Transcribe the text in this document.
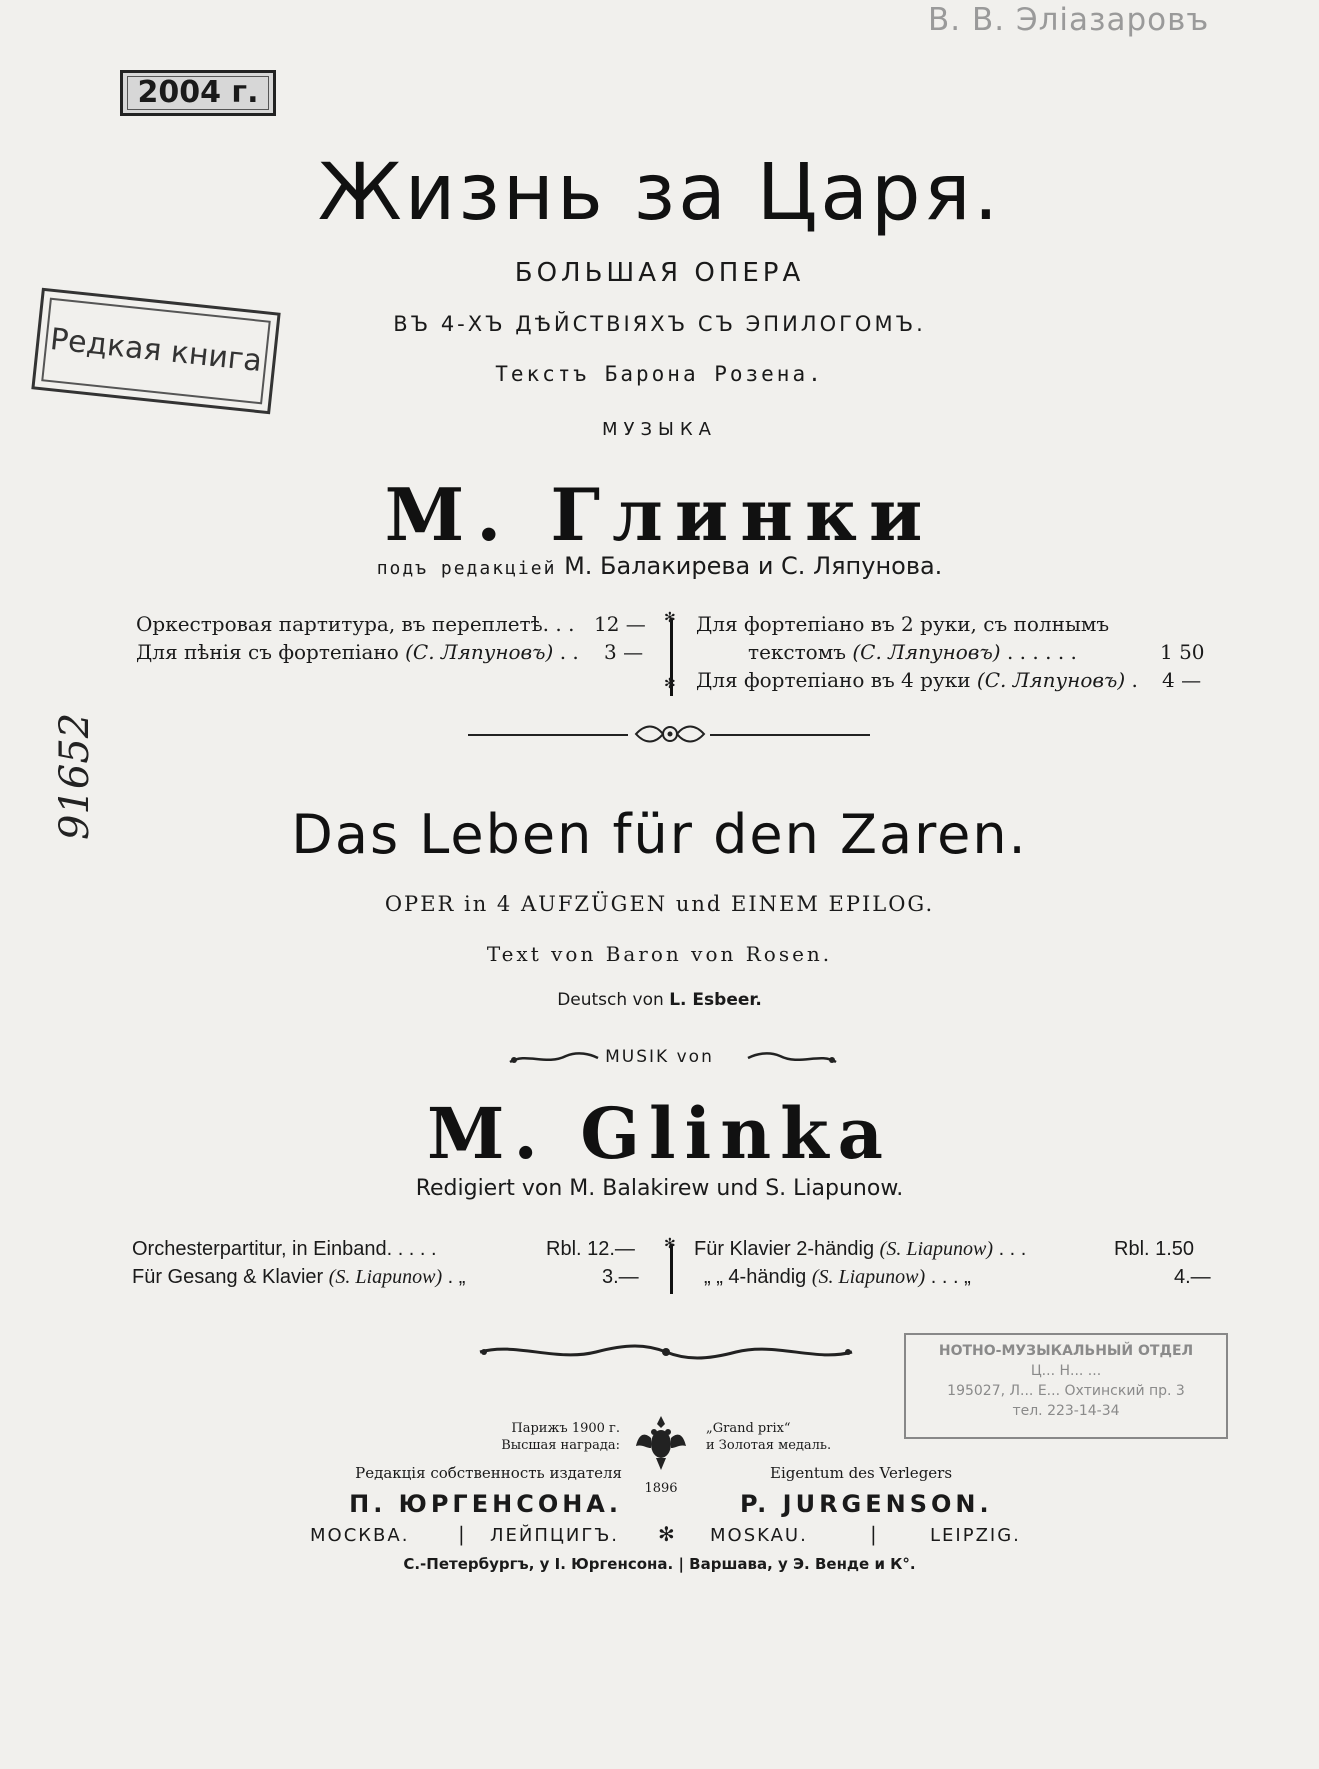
В. В. Эліазаровъ
2004 г.
Редкая книга
91652
Жизнь за Царя.
БОЛЬШАЯ ОПЕРА
ВЪ 4-ХЪ ДѢЙСТВІЯХЪ СЪ ЭПИЛОГОМЪ.
Текстъ Барона Розена.
МУЗЫКА
М. Глинки
подъ редакціей М. Балакирева и С. Ляпунова.
Оркестровая партитура, въ переплетѣ. . . 12 —
Для пѣнія съ фортепіано (С. Ляпуновъ) . . 3 —
✻
✻
Для фортепіано въ 2 руки, съ полнымъ
текстомъ (С. Ляпуновъ) . . . . . .	1 50
Для фортепіано въ 4 руки (С. Ляпуновъ) . 4 —
Das Leben für den Zaren.
OPER in 4 AUFZÜGEN und EINEM EPILOG.
Text von Baron von Rosen.
Deutsch von L. Esbeer.
MUSIK von
M. Glinka
Redigiert von M. Balakirew und S. Liapunow.
Orchesterpartitur, in Einband. . . . .	Rbl. 12.—
Für Gesang & Klavier (S. Liapunow) . „	3.—
✻ Für Klavier 2-händig (S. Liapunow) . . .	Rbl. 1.50
„ „ 4-händig (S. Liapunow) . . . „	4.—
НОТНО-МУЗЫКАЛЬНЫЙ ОТДЕЛ
Ц... Н... ...
195027, Л... Е... Охтинский пр. 3
тел. 223-14-34
Парижъ 1900 г.
Высшая награда:
1896
„Grand prix“
и Золотая медаль.
Редакція собственность издателя	Eigentum des Verlegers
П. ЮРГЕНСОНА.	P. JURGENSON.
МОСКВА. | ЛЕЙПЦИГЪ. ✻ MOSKAU.	|	LEIPZIG.
С.-Петербургъ, у І. Юргенсона. | Варшава, у Э. Венде и К°.
